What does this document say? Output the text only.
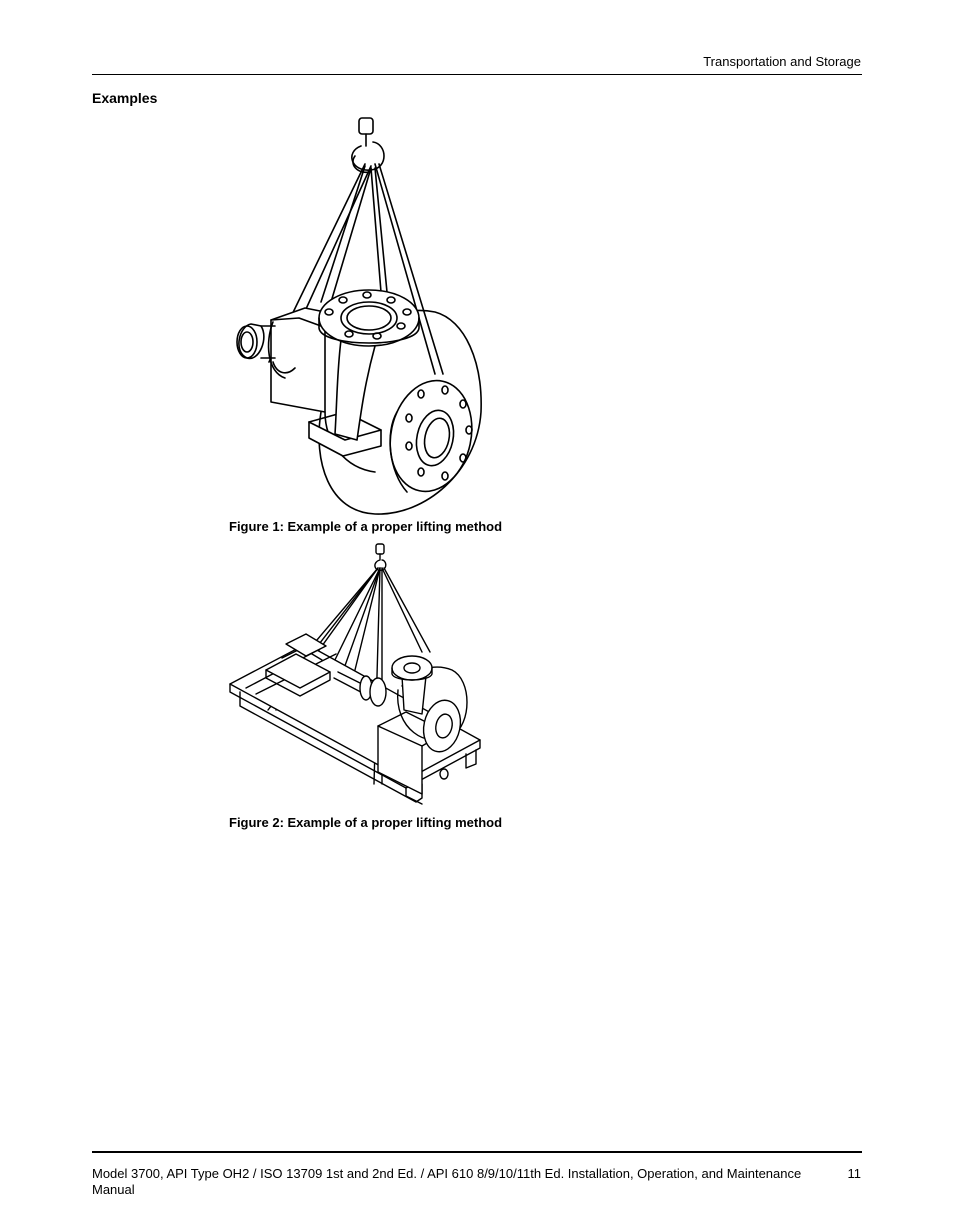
Transportation and Storage
Examples
Figure 1: Example of a proper lifting method
Figure 2: Example of a proper lifting method
Model 3700, API Type OH2 / ISO 13709 1st and 2nd Ed. / API 610 8/9/10/11th Ed. Installation, Operation, and Maintenance Manual
11
